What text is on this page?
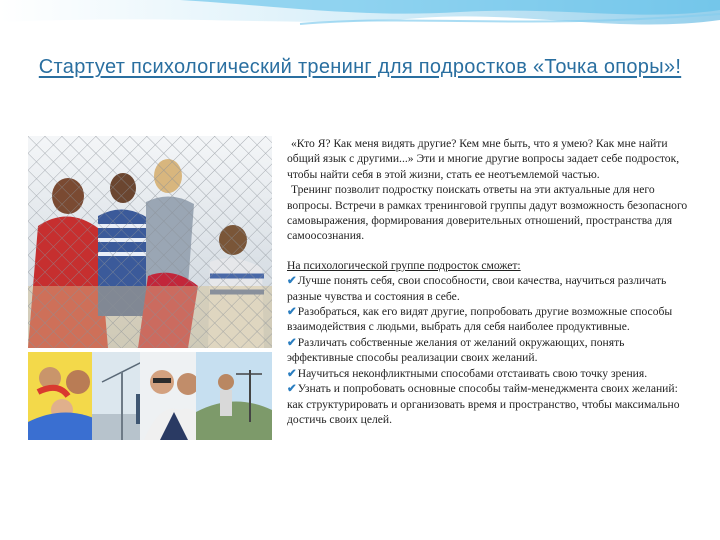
Стартует психологический тренинг для подростков «Точка опоры»!

«Кто Я? Как меня видять другие? Кем мне быть, что я умею? Как мне найти общий язык с другими...» Эти и многие другие вопросы задает себе подросток, чтобы найти себя в этой жизни, стать ее неотъемлемой частью.

Тренинг позволит подростку поискать ответы на эти актуальные для него вопросы. Встречи в рамках тренинговой группы дадут возможность безопасного самовыражения, формирования доверительных отношений, пространства для самоосознания.

На психологической группе подросток сможет:

✔Лучше понять себя, свои способности, свои качества, научиться различать разные чувства и состояния в себе.

✔Разобраться, как его видят другие, попробовать другие возможные способы взаимодействия с людьми, выбрать для себя наиболее продуктивные.

✔Различать собственные желания от желаний окружающих, понять эффективные способы реализации своих желаний.

✔Научиться неконфликтными способами отстаивать свою точку зрения.

✔Узнать и попробовать основные способы тайм-менеджмента своих желаний: как структурировать и организовать время и пространство, чтобы максимально достичь своих целей.
